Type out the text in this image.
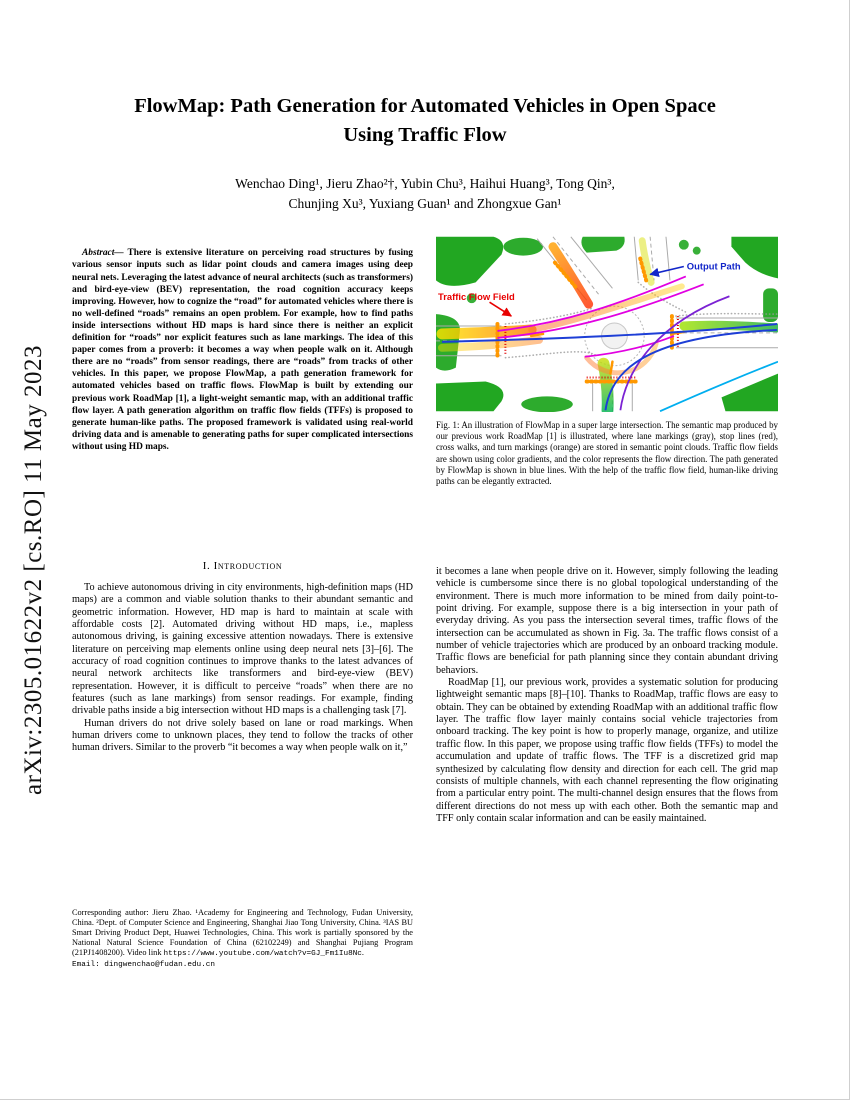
arXiv:2305.01622v2 [cs.RO] 11 May 2023
FlowMap: Path Generation for Automated Vehicles in Open Space
Using Traffic Flow
Wenchao Ding¹, Jieru Zhao²†, Yubin Chu³, Haihui Huang³, Tong Qin³,
Chunjing Xu³, Yuxiang Guan¹ and Zhongxue Gan¹

Abstract— There is extensive literature on perceiving road structures by fusing various sensor inputs such as lidar point clouds and camera images using deep neural nets. Leveraging the latest advance of neural architects (such as transformers) and bird-eye-view (BEV) representation, the road cognition accuracy keeps improving. However, how to cognize the “road” for automated vehicles where there is no well-defined “roads” remains an open problem. For example, how to find paths inside intersections without HD maps is hard since there is neither an explicit definition for “roads” nor explicit features such as lane markings. The idea of this paper comes from a proverb: it becomes a way when people walk on it. Although there are no “roads” from sensor readings, there are “roads” from tracks of other vehicles. In this paper, we propose FlowMap, a path generation framework for automated vehicles based on traffic flows. FlowMap is built by extending our previous work RoadMap [1], a light-weight semantic map, with an additional traffic flow layer. A path generation algorithm on traffic flow fields (TFFs) is proposed to generate human-like paths. The proposed framework is validated using real-world driving data and is amenable to generating paths for super complicated intersections without using HD maps.

I. Introduction

To achieve autonomous driving in city environments, high-definition maps (HD maps) are a common and viable solution thanks to their abundant semantic and geometric information. However, HD map is hard to maintain at scale with affordable costs [2]. Automated driving without HD maps, i.e., mapless autonomous driving, is gaining excessive attention nowadays. There is extensive literature on perceiving map elements online using deep neural nets [3]–[6]. The accuracy of road cognition continues to improve thanks to the latest advances of neural network architects like transformers and bird-eye-view (BEV) representation. However, it is difficult to perceive “roads” when there are no features (such as lane markings) from sensor readings. For example, finding drivable paths inside a big intersection without HD maps is a challenging task [7].

Human drivers do not drive solely based on lane or road markings. When human drivers come to unknown places, they tend to follow the tracks of other human drivers. Similar to the proverb “it becomes a way when people walk on it,”

Corresponding author: Jieru Zhao. ¹Academy for Engineering and Technology, Fudan University, China. ²Dept. of Computer Science and Engineering, Shanghai Jiao Tong University, China. ³IAS BU Smart Driving Product Dept, Huawei Technologies, China. This work is partially sponsored by the National Natural Science Foundation of China (62102249) and Shanghai Pujiang Program (21PJ1408200). Video link https://www.youtube.com/watch?v=GJ_Fm1Iu8Nc.
Email: dingwenchao@fudan.edu.cn
Traffic Flow Field
Output Path
Fig. 1: An illustration of FlowMap in a super large intersection. The semantic map produced by our previous work RoadMap [1] is illustrated, where lane markings (gray), stop lines (red), cross walks, and turn markings (orange) are stored in semantic point clouds. Traffic flow fields are shown using color gradients, and the color represents the flow direction. The path generated by FlowMap is shown in blue lines. With the help of the traffic flow field, human-like driving paths can be elegantly extracted.

it becomes a lane when people drive on it. However, simply following the leading vehicle is cumbersome since there is no global topological understanding of the environment. There is much more information to be mined from daily point-to-point driving. For example, suppose there is a big intersection in your path of everyday driving. As you pass the intersection several times, traffic flows of the intersection can be accumulated as shown in Fig. 3a. The traffic flows consist of a number of vehicle trajectories which are produced by an onboard tracking module. Traffic flows are beneficial for path planning since they contain abundant driving behaviors.

RoadMap [1], our previous work, provides a systematic solution for producing lightweight semantic maps [8]–[10]. Thanks to RoadMap, traffic flows are easy to obtain. They can be obtained by extending RoadMap with an additional traffic flow layer. The traffic flow layer mainly contains social vehicle trajectories from onboard tracking. The key point is how to properly manage, organize, and utilize traffic flow. In this paper, we propose using traffic flow fields (TFFs) to model the accumulation and update of traffic flows. The TFF is a discretized grid map synthesized by calculating flow density and direction for each cell. The grid map consists of multiple channels, with each channel representing the flow originating from a particular entry point. The multi-channel design ensures that the flows from different directions do not mess up with each other. Both the semantic map and TFF only contain scalar information and can be easily maintained.
